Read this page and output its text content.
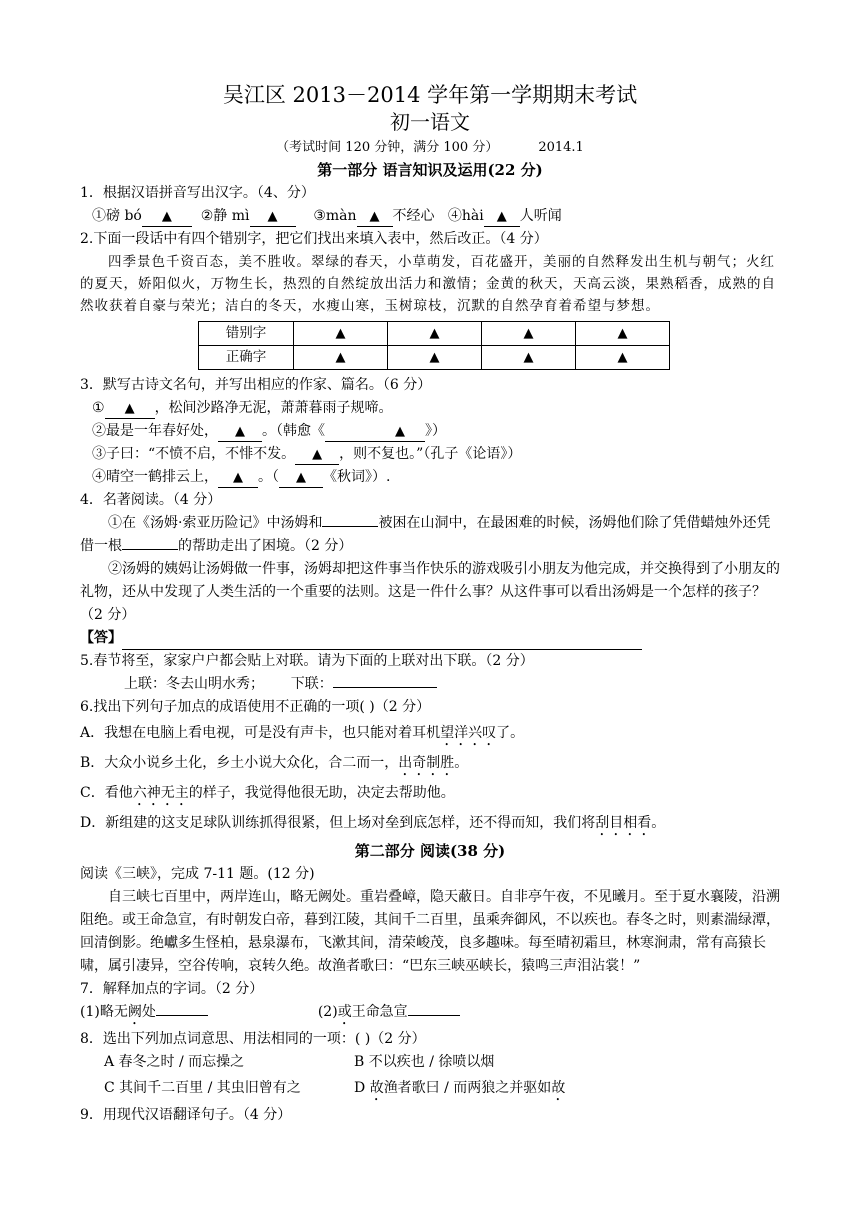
吴江区 2013－2014 学年第一学期期末考试
初一语文
（考试时间 120 分钟，满分 100 分）	2014.1
第一部分 语言知识及运用(22 分)

1．根据汉语拼音写出汉字。（4、分）

①磅 bó ▲ ②静 mì ▲	③màn ▲ 不经心 ④hài ▲ 人听闻

2.下面一段话中有四个错别字，把它们找出来填入表中，然后改正。（4 分）

四季景色千资百态，美不胜收。翠绿的春天，小草萌发，百花盛开，美丽的自然释发出生机与朝气；火红的夏天，娇阳似火，万物生长，热烈的自然绽放出活力和激情；金黄的秋天，天高云淡，果熟稻香，成熟的自然收获着自豪与荣光；洁白的冬天，水瘦山寒，玉树琼枝，沉默的自然孕育着希望与梦想。

错别字	▲	▲	▲	▲
正确字	▲	▲	▲	▲

3．默写古诗文名句，并写出相应的作家、篇名。（6 分）

① ▲ ，松间沙路净无泥，萧萧暮雨子规啼。

②最是一年春好处， ▲ 。（韩愈《	▲ 》）

③子曰：“不愤不启，不悱不发。 ▲ ，则不复也。”（孔子《论语》）

④晴空一鹤排云上， ▲ 。（ ▲ 《秋词》）.

4．名著阅读。（4 分）

①在《汤姆·索亚历险记》中汤姆和	被困在山洞中，在最困难的时候，汤姆他们除了凭借蜡烛外还凭借一根	的帮助走出了困境。（2 分）

②汤姆的姨妈让汤姆做一件事，汤姆却把这件事当作快乐的游戏吸引小朋友为他完成，并交换得到了小朋友的礼物，还从中发现了人类生活的一个重要的法则。这是一件什么事？从这件事可以看出汤姆是一个怎样的孩子？（2 分）

【答】

5.春节将至，家家户户都会贴上对联。请为下面的上联对出下联。（2 分）

上联：冬去山明水秀； 下联：

6.找出下列句子加点的成语使用不正确的一项( )（2 分）

A．我想在电脑上看电视，可是没有声卡，也只能对着耳机望洋兴叹了。

B．大众小说乡土化，乡土小说大众化，合二而一，出奇制胜。

C．看他六神无主的样子，我觉得他很无助，决定去帮助他。

D．新组建的这支足球队训练抓得很紧，但上场对垒到底怎样，还不得而知，我们将刮目相看。

第二部分 阅读(38 分)

阅读《三峡》，完成 7-11 题。(12 分)

自三峡七百里中，两岸连山，略无阙处。重岩叠嶂，隐天蔽日。自非亭午夜，不见曦月。至于夏水襄陵，沿溯阻绝。或王命急宣，有时朝发白帝，暮到江陵，其间千二百里，虽乘奔御风，不以疾也。春冬之时，则素湍绿潭，回清倒影。绝巘多生怪柏，悬泉瀑布，飞漱其间，清荣峻茂，良多趣味。每至晴初霜旦，林寒涧肃，常有高猿长啸，属引凄异，空谷传响，哀转久绝。故渔者歌曰：“巴东三峡巫峡长，猿鸣三声泪沾裳！”

7．解释加点的字词。（2 分）

(1)略无阙处	(2)或王命急宣

8．选出下列加点词意思、用法相同的一项：( )（2 分）

A 春冬之时 / 而忘操之	B 不以疾也 / 徐喷以烟
C 其间千二百里 / 其虫旧曾有之	D 故渔者歌曰 / 而两狼之并驱如故

9．用现代汉语翻译句子。（4 分）
